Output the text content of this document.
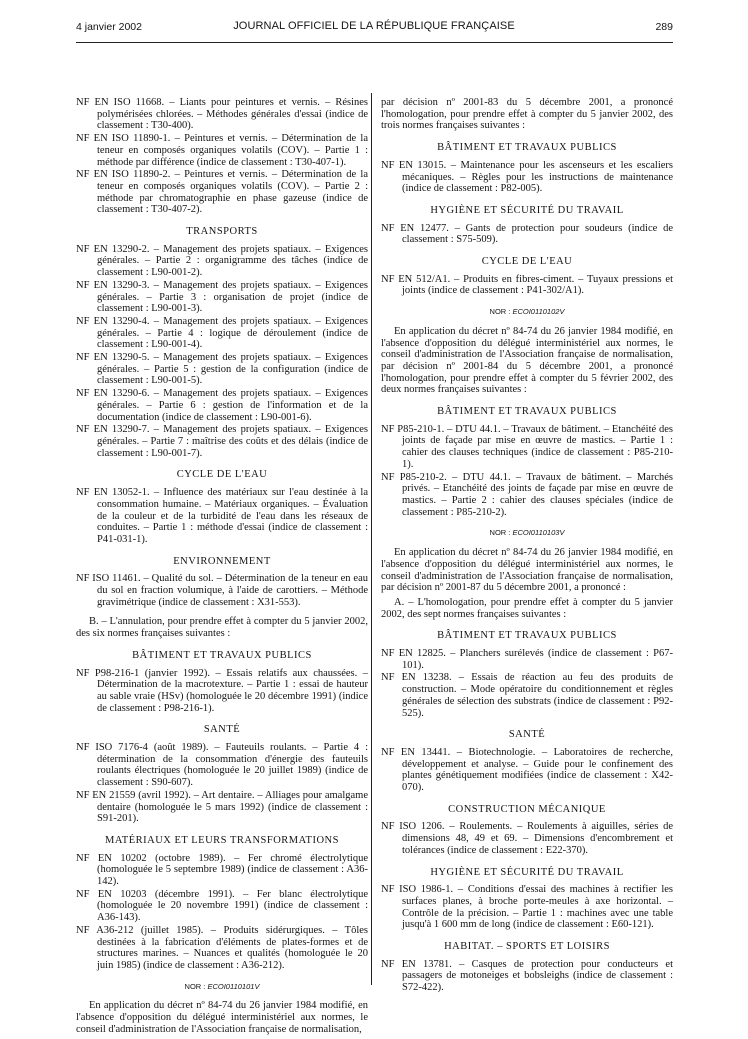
4 janvier 2002	JOURNAL OFFICIEL DE LA RÉPUBLIQUE FRANÇAISE	289
NF EN ISO 11668. – Liants pour peintures et vernis. – Résines polymérisées chlorées. – Méthodes générales d'essai (indice de classement : T30-400).
NF EN ISO 11890-1. – Peintures et vernis. – Détermination de la teneur en composés organiques volatils (COV). – Partie 1 : méthode par différence (indice de classement : T30-407-1).
NF EN ISO 11890-2. – Peintures et vernis. – Détermination de la teneur en composés organiques volatils (COV). – Partie 2 : méthode par chromatographie en phase gazeuse (indice de classement : T30-407-2).
TRANSPORTS
NF EN 13290-2. – Management des projets spatiaux. – Exigences générales. – Partie 2 : organigramme des tâches (indice de classement : L90-001-2).
NF EN 13290-3. – Management des projets spatiaux. – Exigences générales. – Partie 3 : organisation de projet (indice de classement : L90-001-3).
NF EN 13290-4. – Management des projets spatiaux. – Exigences générales. – Partie 4 : logique de déroulement (indice de classement : L90-001-4).
NF EN 13290-5. – Management des projets spatiaux. – Exigences générales. – Partie 5 : gestion de la configuration (indice de classement : L90-001-5).
NF EN 13290-6. – Management des projets spatiaux. – Exigences générales. – Partie 6 : gestion de l'information et de la documentation (indice de classement : L90-001-6).
NF EN 13290-7. – Management des projets spatiaux. – Exigences générales. – Partie 7 : maîtrise des coûts et des délais (indice de classement : L90-001-7).
CYCLE DE L'EAU
NF EN 13052-1. – Influence des matériaux sur l'eau destinée à la consommation humaine. – Matériaux organiques. – Évaluation de la couleur et de la turbidité de l'eau dans les réseaux de conduites. – Partie 1 : méthode d'essai (indice de classement : P41-031-1).
ENVIRONNEMENT
NF ISO 11461. – Qualité du sol. – Détermination de la teneur en eau du sol en fraction volumique, à l'aide de carottiers. – Méthode gravimétrique (indice de classement : X31-553).

B. – L'annulation, pour prendre effet à compter du 5 janvier 2002, des six normes françaises suivantes :

BÂTIMENT ET TRAVAUX PUBLICS
NF P98-216-1 (janvier 1992). – Essais relatifs aux chaussées. – Détermination de la macrotexture. – Partie 1 : essai de hauteur au sable vraie (HSv) (homologuée le 20 décembre 1991) (indice de classement : P98-216-1).
SANTÉ
NF ISO 7176-4 (août 1989). – Fauteuils roulants. – Partie 4 : détermination de la consommation d'énergie des fauteuils roulants électriques (homologuée le 20 juillet 1989) (indice de classement : S90-607).
NF EN 21559 (avril 1992). – Art dentaire. – Alliages pour amalgame dentaire (homologuée le 5 mars 1992) (indice de classement : S91-201).
MATÉRIAUX ET LEURS TRANSFORMATIONS
NF EN 10202 (octobre 1989). – Fer chromé électrolytique (homologuée le 5 septembre 1989) (indice de classement : A36-142).
NF EN 10203 (décembre 1991). – Fer blanc électrolytique (homologuée le 20 novembre 1991) (indice de classement : A36-143).
NF A36-212 (juillet 1985). – Produits sidérurgiques. – Tôles destinées à la fabrication d'éléments de plates-formes et de structures marines. – Nuances et qualités (homologuée le 20 juin 1985) (indice de classement : A36-212).
NOR : ECOI0110101V

En application du décret nº 84-74 du 26 janvier 1984 modifié, en l'absence d'opposition du délégué interministériel aux normes, le conseil d'administration de l'Association française de normalisation,

par décision nº 2001-83 du 5 décembre 2001, a prononcé l'homologation, pour prendre effet à compter du 5 janvier 2002, des trois normes françaises suivantes :

BÂTIMENT ET TRAVAUX PUBLICS
NF EN 13015. – Maintenance pour les ascenseurs et les escaliers mécaniques. – Règles pour les instructions de maintenance (indice de classement : P82-005).
HYGIÈNE ET SÉCURITÉ DU TRAVAIL
NF EN 12477. – Gants de protection pour soudeurs (indice de classement : S75-509).
CYCLE DE L'EAU
NF EN 512/A1. – Produits en fibres-ciment. – Tuyaux pressions et joints (indice de classement : P41-302/A1).
NOR : ECOI0110102V

En application du décret nº 84-74 du 26 janvier 1984 modifié, en l'absence d'opposition du délégué interministériel aux normes, le conseil d'administration de l'Association française de normalisation, par décision nº 2001-84 du 5 décembre 2001, a prononcé l'homologation, pour prendre effet à compter du 5 février 2002, des deux normes françaises suivantes :

BÂTIMENT ET TRAVAUX PUBLICS
NF P85-210-1. – DTU 44.1. – Travaux de bâtiment. – Etanchéité des joints de façade par mise en œuvre de mastics. – Partie 1 : cahier des clauses techniques (indice de classement : P85-210-1).
NF P85-210-2. – DTU 44.1. – Travaux de bâtiment. – Marchés privés. – Etanchéité des joints de façade par mise en œuvre de mastics. – Partie 2 : cahier des clauses spéciales (indice de classement : P85-210-2).
NOR : ECOI0110103V

En application du décret nº 84-74 du 26 janvier 1984 modifié, en l'absence d'opposition du délégué interministériel aux normes, le conseil d'administration de l'Association française de normalisation, par décision nº 2001-87 du 5 décembre 2001, a prononcé :

A. – L'homologation, pour prendre effet à compter du 5 janvier 2002, des sept normes françaises suivantes :

BÂTIMENT ET TRAVAUX PUBLICS
NF EN 12825. – Planchers surélevés (indice de classement : P67-101).
NF EN 13238. – Essais de réaction au feu des produits de construction. – Mode opératoire du conditionnement et règles générales de sélection des substrats (indice de classement : P92-525).
SANTÉ
NF EN 13441. – Biotechnologie. – Laboratoires de recherche, développement et analyse. – Guide pour le confinement des plantes génétiquement modifiées (indice de classement : X42-070).
CONSTRUCTION MÉCANIQUE
NF ISO 1206. – Roulements. – Roulements à aiguilles, séries de dimensions 48, 49 et 69. – Dimensions d'encombrement et tolérances (indice de classement : E22-370).
HYGIÈNE ET SÉCURITÉ DU TRAVAIL
NF ISO 1986-1. – Conditions d'essai des machines à rectifier les surfaces planes, à broche porte-meules à axe horizontal. – Contrôle de la précision. – Partie 1 : machines avec une table jusqu'à 1 600 mm de long (indice de classement : E60-121).
HABITAT. – SPORTS ET LOISIRS
NF EN 13781. – Casques de protection pour conducteurs et passagers de motoneiges et bobsleighs (indice de classement : S72-422).
